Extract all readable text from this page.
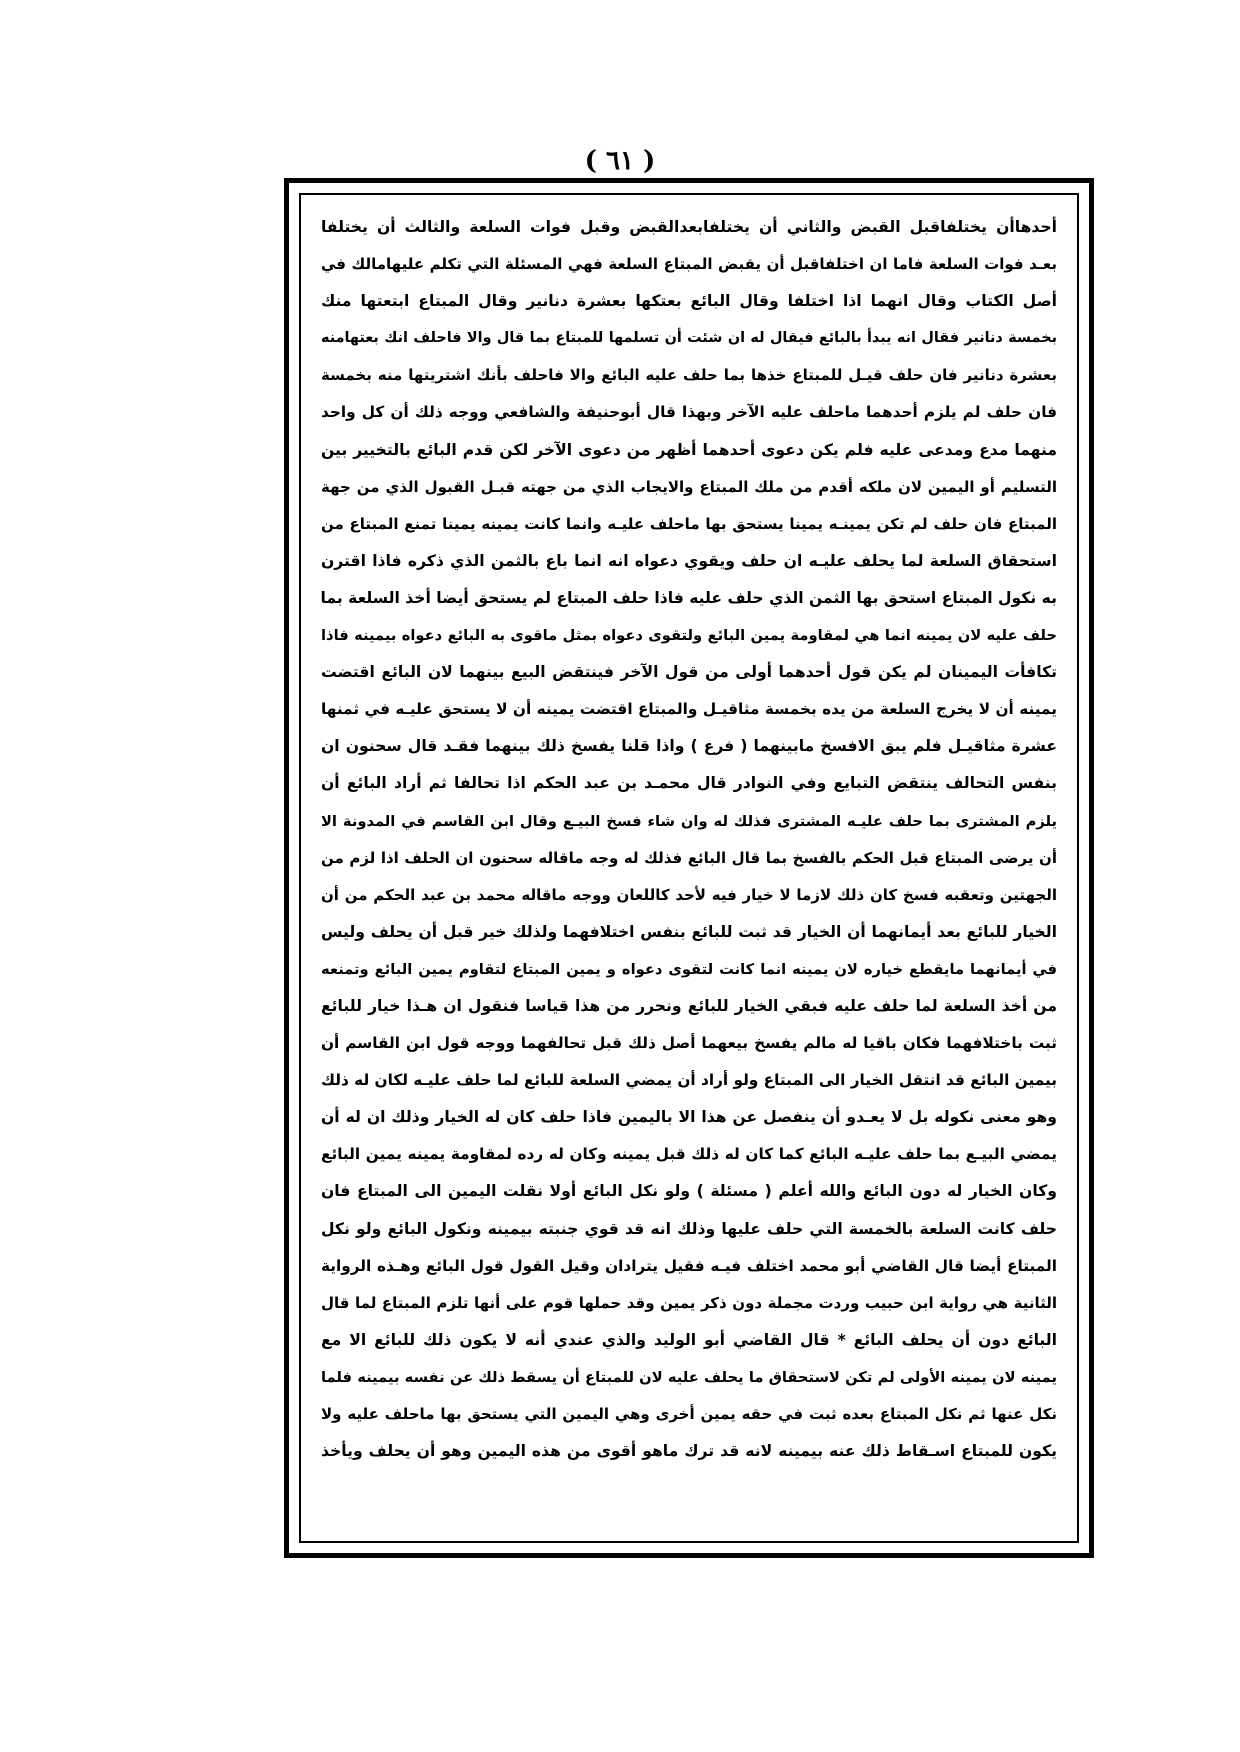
( ٦١ )
أحدهاأن يختلفاقبل القبض والثاني أن يختلفابعدالقبض وقبل فوات السلعة والثالث أن يختلفا
بعـد فوات السلعة فاما ان اختلفاقبل أن يقبض المبتاع السلعة فهي المسئلة التي تكلم عليهامالك في
أصل الكتاب وقال انهما اذا اختلفا وقال البائع بعتكها بعشرة دنانير وقال المبتاع ابتعتها منك
بخمسة دنانير فقال انه يبدأ بالبائع فيقال له ان شئت أن تسلمها للمبتاع بما قال والا فاحلف انك بعتهامنه
بعشرة دنانير فان حلف قيـل للمبتاع خذها بما حلف عليه البائع والا فاحلف بأنك اشتريتها منه بخمسة
فان حلف لم يلزم أحدهما ماحلف عليه الآخر وبهذا قال أبوحنيفة والشافعي ووجه ذلك أن كل واحد
منهما مدع ومدعى عليه فلم يكن دعوى أحدهما أظهر من دعوى الآخر لكن قدم البائع بالتخيير بين
التسليم أو اليمين لان ملكه أقدم من ملك المبتاع والايجاب الذي من جهته قبـل القبول الذي من جهة
المبتاع فان حلف لم تكن يمينـه يمينا يستحق بها ماحلف عليـه وانما كانت يمينه يمينا تمنع المبتاع من
استحقاق السلعة لما يحلف عليـه ان حلف ويقوي دعواه انه انما باع بالثمن الذي ذكره فاذا اقترن
به نكول المبتاع استحق بها الثمن الذي حلف عليه فاذا حلف المبتاع لم يستحق أيضا أخذ السلعة بما
حلف عليه لان يمينه انما هي لمقاومة يمين البائع ولتقوى دعواه بمثل ماقوى به البائع دعواه بيمينه فاذا
تكافأت اليمينان لم يكن قول أحدهما أولى من قول الآخر فينتقض البيع بينهما لان البائع اقتضت
يمينه أن لا يخرج السلعة من يده بخمسة مثاقيـل والمبتاع اقتضت يمينه أن لا يستحق عليـه في ثمنها
عشرة مثاقيـل فلم يبق الافسخ مابينهما ( فرع ) واذا قلنا يفسخ ذلك بينهما فقـد قال سحنون ان
بنفس التحالف ينتقض التبايع وفي النوادر قال محمـد بن عبد الحكم اذا تحالفا ثم أراد البائع أن
يلزم المشترى بما حلف عليـه المشترى فذلك له وان شاء فسخ البيـع وقال ابن القاسم في المدونة الا
أن يرضى المبتاع قبل الحكم بالفسخ بما قال البائع فذلك له وجه ماقاله سحنون ان الحلف اذا لزم من
الجهتين وتعقبه فسخ كان ذلك لازما لا خيار فيه لأحد كاللعان ووجه ماقاله محمد بن عبد الحكم من أن
الخيار للبائع بعد أيمانهما أن الخيار قد ثبت للبائع بنفس اختلافهما ولذلك خير قبل أن يحلف وليس
في أيمانهما مايقطع خياره لان يمينه انما كانت لتقوى دعواه و يمين المبتاع لتقاوم يمين البائع وتمنعه
من أخذ السلعة لما حلف عليه فبقي الخيار للبائع ونحرر من هذا قياسا فنقول ان هـذا خيار للبائع
ثبت باختلافهما فكان باقيا له مالم يفسخ بيعهما أصل ذلك قبل تحالفهما ووجه قول ابن القاسم أن
بيمين البائع قد انتقل الخيار الى المبتاع ولو أراد أن يمضي السلعة للبائع لما حلف عليـه لكان له ذلك
وهو معنى نكوله بل لا يعـدو أن ينفصل عن هذا الا باليمين فاذا حلف كان له الخيار وذلك ان له أن
يمضي البيـع بما حلف عليـه البائع كما كان له ذلك قبل يمينه وكان له رده لمقاومة يمينه يمين البائع
وكان الخيار له دون البائع والله أعلم ( مسئلة ) ولو نكل البائع أولا نقلت اليمين الى المبتاع فان
حلف كانت السلعة بالخمسة التي حلف عليها وذلك انه قد قوي جنبته بيمينه ونكول البائع ولو نكل
المبتاع أيضا قال القاضي أبو محمد اختلف فيـه فقيل يترادان وقيل القول قول البائع وهـذه الرواية
الثانية هي رواية ابن حبيب وردت مجملة دون ذكر يمين وقد حملها قوم على أنها تلزم المبتاع لما قال
البائع دون أن يحلف البائع * قال القاضي أبو الوليد والذي عندي أنه لا يكون ذلك للبائع الا مع
يمينه لان يمينه الأولى لم تكن لاستحقاق ما يحلف عليه لان للمبتاع أن يسقط ذلك عن نفسه بيمينه فلما
نكل عنها ثم نكل المبتاع بعده ثبت في حقه يمين أخرى وهي اليمين التي يستحق بها ماحلف عليه ولا
يكون للمبتاع اسـقاط ذلك عنه بيمينه لانه قد ترك ماهو أقوى من هذه اليمين وهو أن يحلف ويأخذ
